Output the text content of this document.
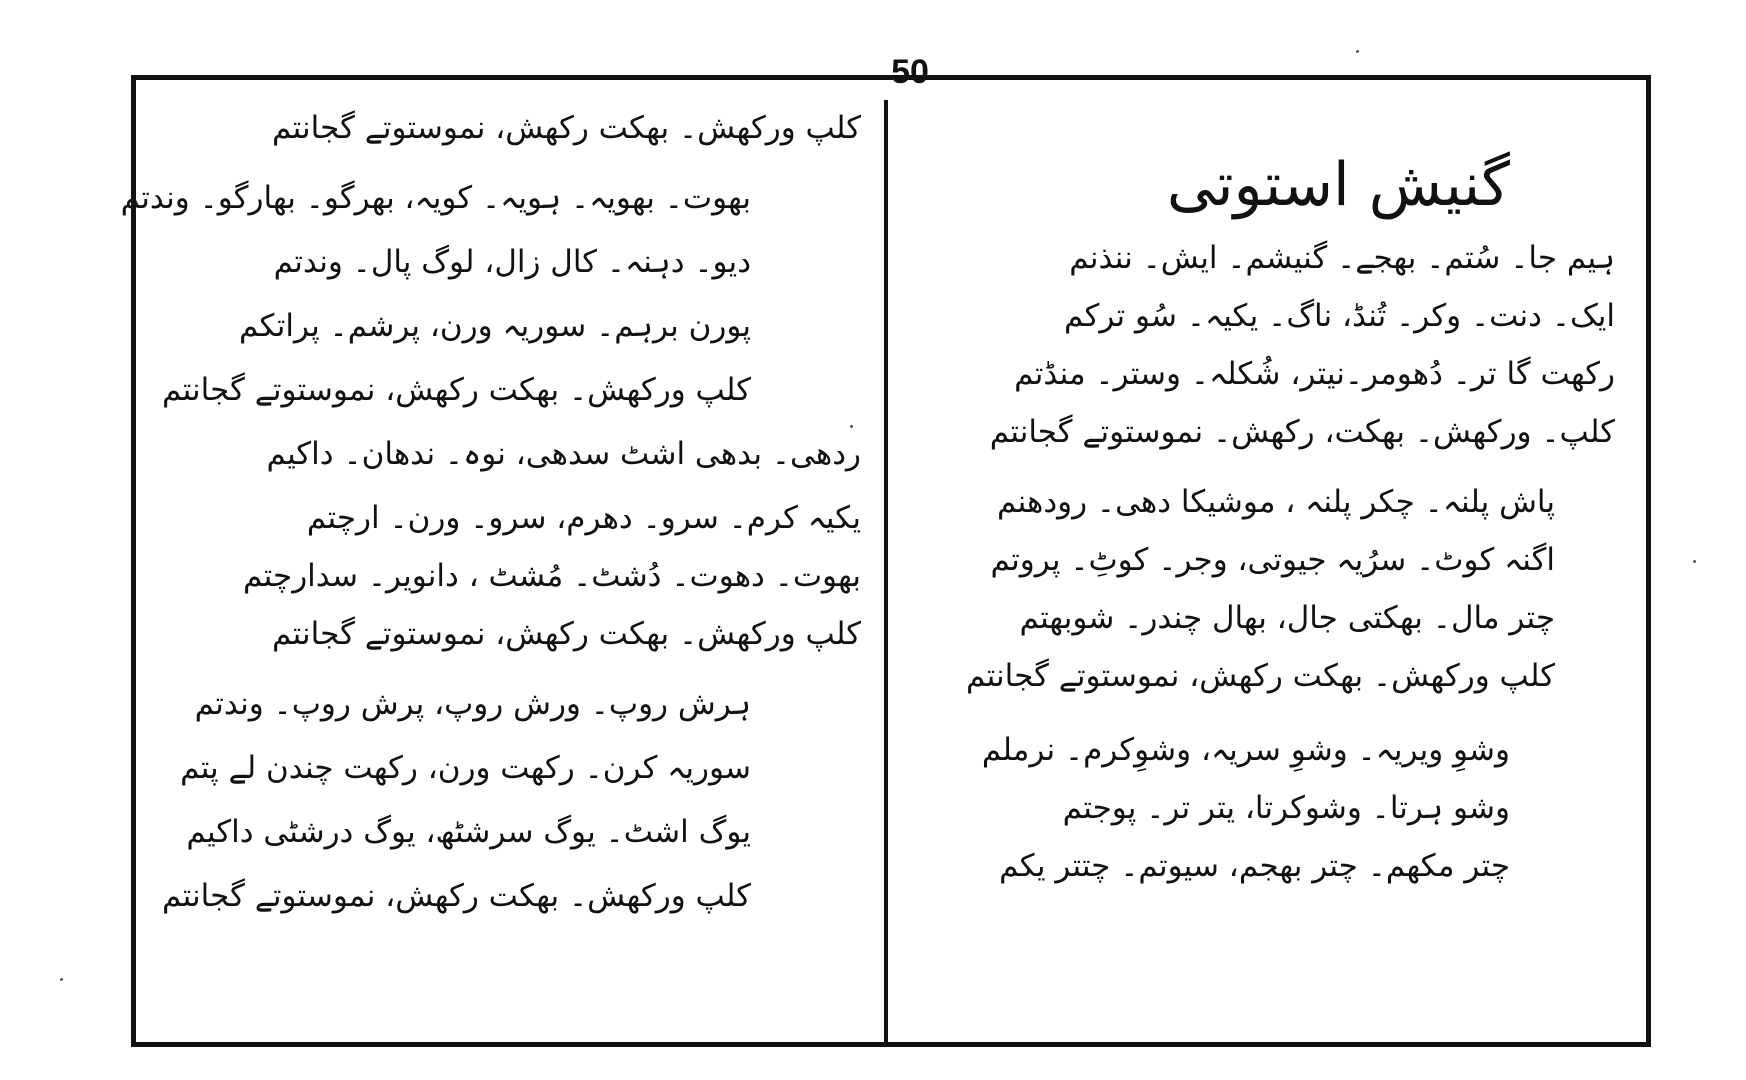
50
گنیش استوتی
ہیم جا۔ سُتم۔ بھجے۔ گنیشم۔ ایش۔ ننذنم
ایک۔ دنت۔ وکر۔ تُنڈ، ناگ۔ یکیہ۔ سُو ترکم
رکھت گا تر۔ دُھومر۔نیتر، شُکلہ۔ وستر۔ منڈتم
کلپ۔ ورکھش۔ بھکت، رکھش۔ نموستوتے گجانتم
پاش پلنہ۔ چکر پلنہ ، موشیکا دھی۔ رودھنم
اگنہ کوٹ۔ سرُیہ جیوتی، وجر۔ کوٹِ۔ پروتم
چتر مال۔ بھکتی جال، بھال چندر۔ شوبھتم
کلپ ورکھش۔ بھکت رکھش، نموستوتے گجانتم
وشوِ ویریہ۔ وشوِ سریہ، وشوِکرم۔ نرملم
وشو ہرتا۔ وشوکرتا، یتر تر۔ پوجتم
چتر مکھم۔ چتر بھجم، سیوتم۔ چتتر یکم
کلپ ورکھش۔ بھکت رکھش، نموستوتے گجانتم
بھوت۔ بھویہ۔ ہویہ۔ کویہ، بھرگو۔ بھارگو۔ وندتم
دیو۔ دہنہ۔ کال زال، لوگ پال۔ وندتم
پورن برہم۔ سوریہ ورن، پرشم۔ پراتکم
کلپ ورکھش۔ بھکت رکھش، نموستوتے گجانتم
ردھی۔ بدھی اشٹ سدھی، نوہ۔ ندھان۔ داکیم
یکیہ کرم۔ سرو۔ دھرم، سرو۔ ورن۔ ارچتم
بھوت۔ دھوت۔ دُشٹ۔ مُشٹ ، دانویر۔ سدارچتم
کلپ ورکھش۔ بھکت رکھش، نموستوتے گجانتم
ہرش روپ۔ ورش روپ، پرش روپ۔ وندتم
سوریہ کرن۔ رکھت ورن، رکھت چندن لے پتم
یوگ اشٹ۔ یوگ سرشٹھ، یوگ درشٹی داکیم
کلپ ورکھش۔ بھکت رکھش، نموستوتے گجانتم
